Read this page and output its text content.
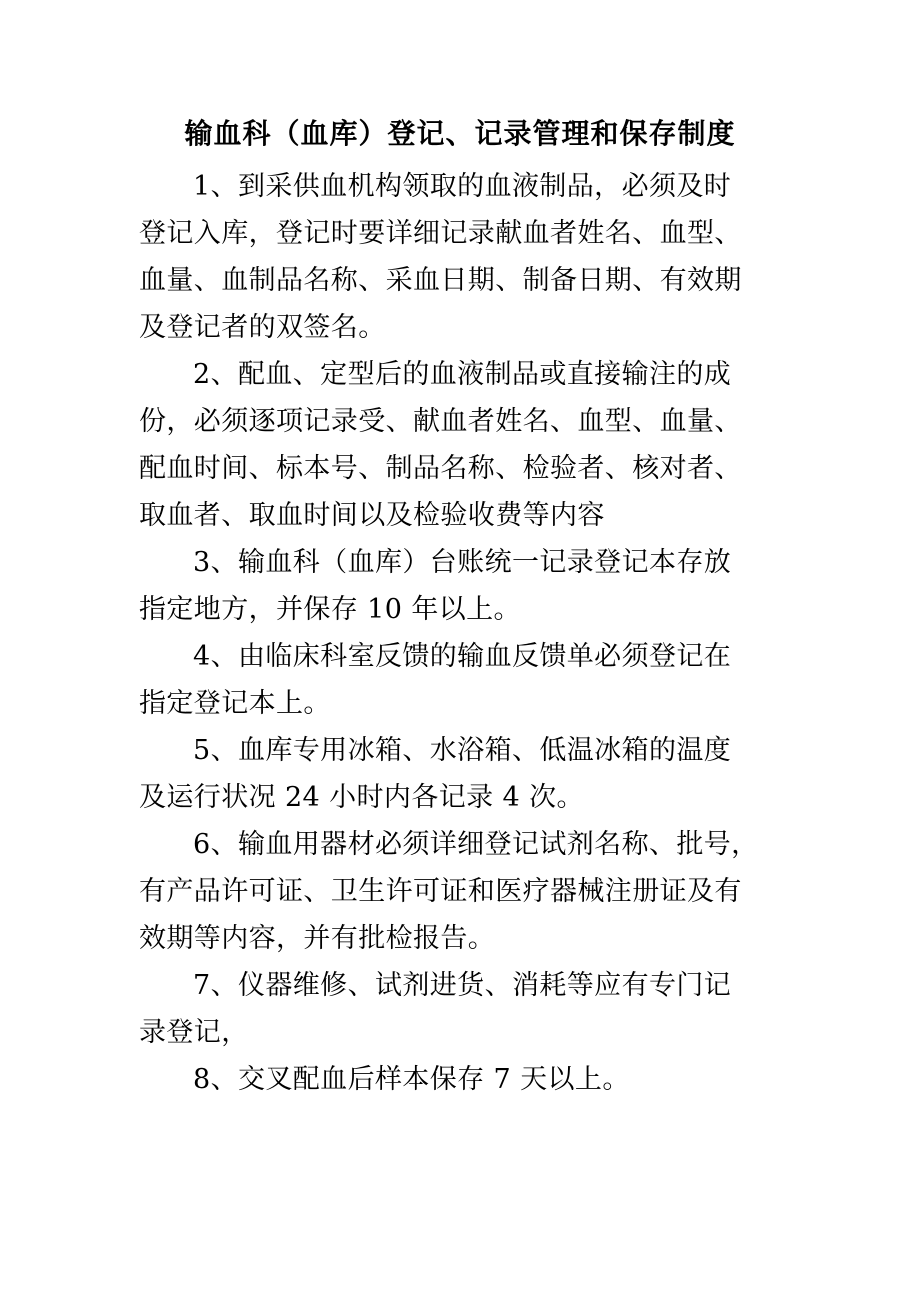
输血科（血库）登记、记录管理和保存制度

1、到采供血机构领取的血液制品，必须及时
登记入库，登记时要详细记录献血者姓名、血型、
血量、血制品名称、采血日期、制备日期、有效期
及登记者的双签名。

2、配血、定型后的血液制品或直接输注的成
份，必须逐项记录受、献血者姓名、血型、血量、
配血时间、标本号、制品名称、检验者、核对者、
取血者、取血时间以及检验收费等内容

3、输血科（血库）台账统一记录登记本存放
指定地方，并保存 10 年以上。

4、由临床科室反馈的输血反馈单必须登记在
指定登记本上。

5、血库专用冰箱、水浴箱、低温冰箱的温度
及运行状况 24 小时内各记录 4 次。

6、输血用器材必须详细登记试剂名称、批号，
有产品许可证、卫生许可证和医疗器械注册证及有
效期等内容，并有批检报告。

7、仪器维修、试剂进货、消耗等应有专门记
录登记，

8、交叉配血后样本保存 7 天以上。
